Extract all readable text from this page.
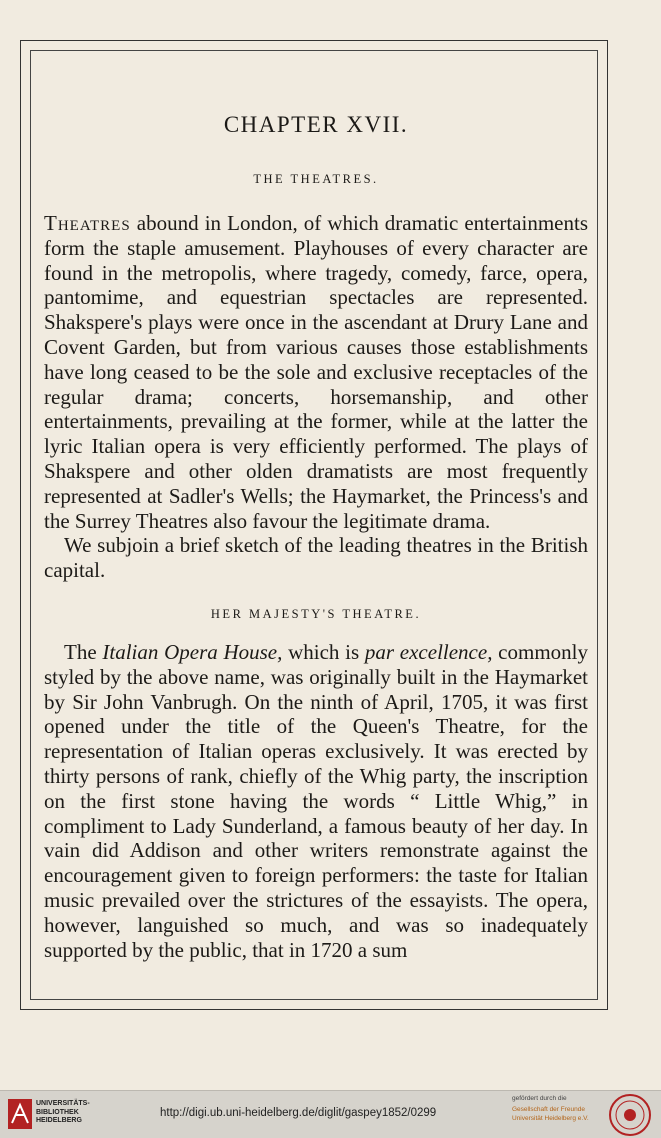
CHAPTER XVII.
THE THEATRES.

Theatres abound in London, of which dramatic entertainments form the staple amusement. Playhouses of every character are found in the metropolis, where tragedy, comedy, farce, opera, pantomime, and equestrian spectacles are represented. Shakspere's plays were once in the ascendant at Drury Lane and Covent Garden, but from various causes those establishments have long ceased to be the sole and exclusive receptacles of the regular drama; concerts, horsemanship, and other entertainments, prevailing at the former, while at the latter the lyric Italian opera is very efficiently performed. The plays of Shakspere and other olden dramatists are most frequently represented at Sadler's Wells; the Haymarket, the Princess's and the Surrey Theatres also favour the legitimate drama.

We subjoin a brief sketch of the leading theatres in the British capital.

HER MAJESTY'S THEATRE.

The Italian Opera House, which is par excellence, commonly styled by the above name, was originally built in the Haymarket by Sir John Vanbrugh. On the ninth of April, 1705, it was first opened under the title of the Queen's Theatre, for the representation of Italian operas exclusively. It was erected by thirty persons of rank, chiefly of the Whig party, the inscription on the first stone having the words “ Little Whig,” in compliment to Lady Sunderland, a famous beauty of her day. In vain did Addison and other writers remonstrate against the encouragement given to foreign performers: the taste for Italian music prevailed over the strictures of the essayists. The opera, however, languished so much, and was so inadequately supported by the public, that in 1720 a sum

UNIVERSITÄTS-
BIBLIOTHEK
HEIDELBERG
http://digi.ub.uni-heidelberg.de/diglit/gaspey1852/0299
gefördert durch die
Gesellschaft der Freunde
Universität Heidelberg e.V.
